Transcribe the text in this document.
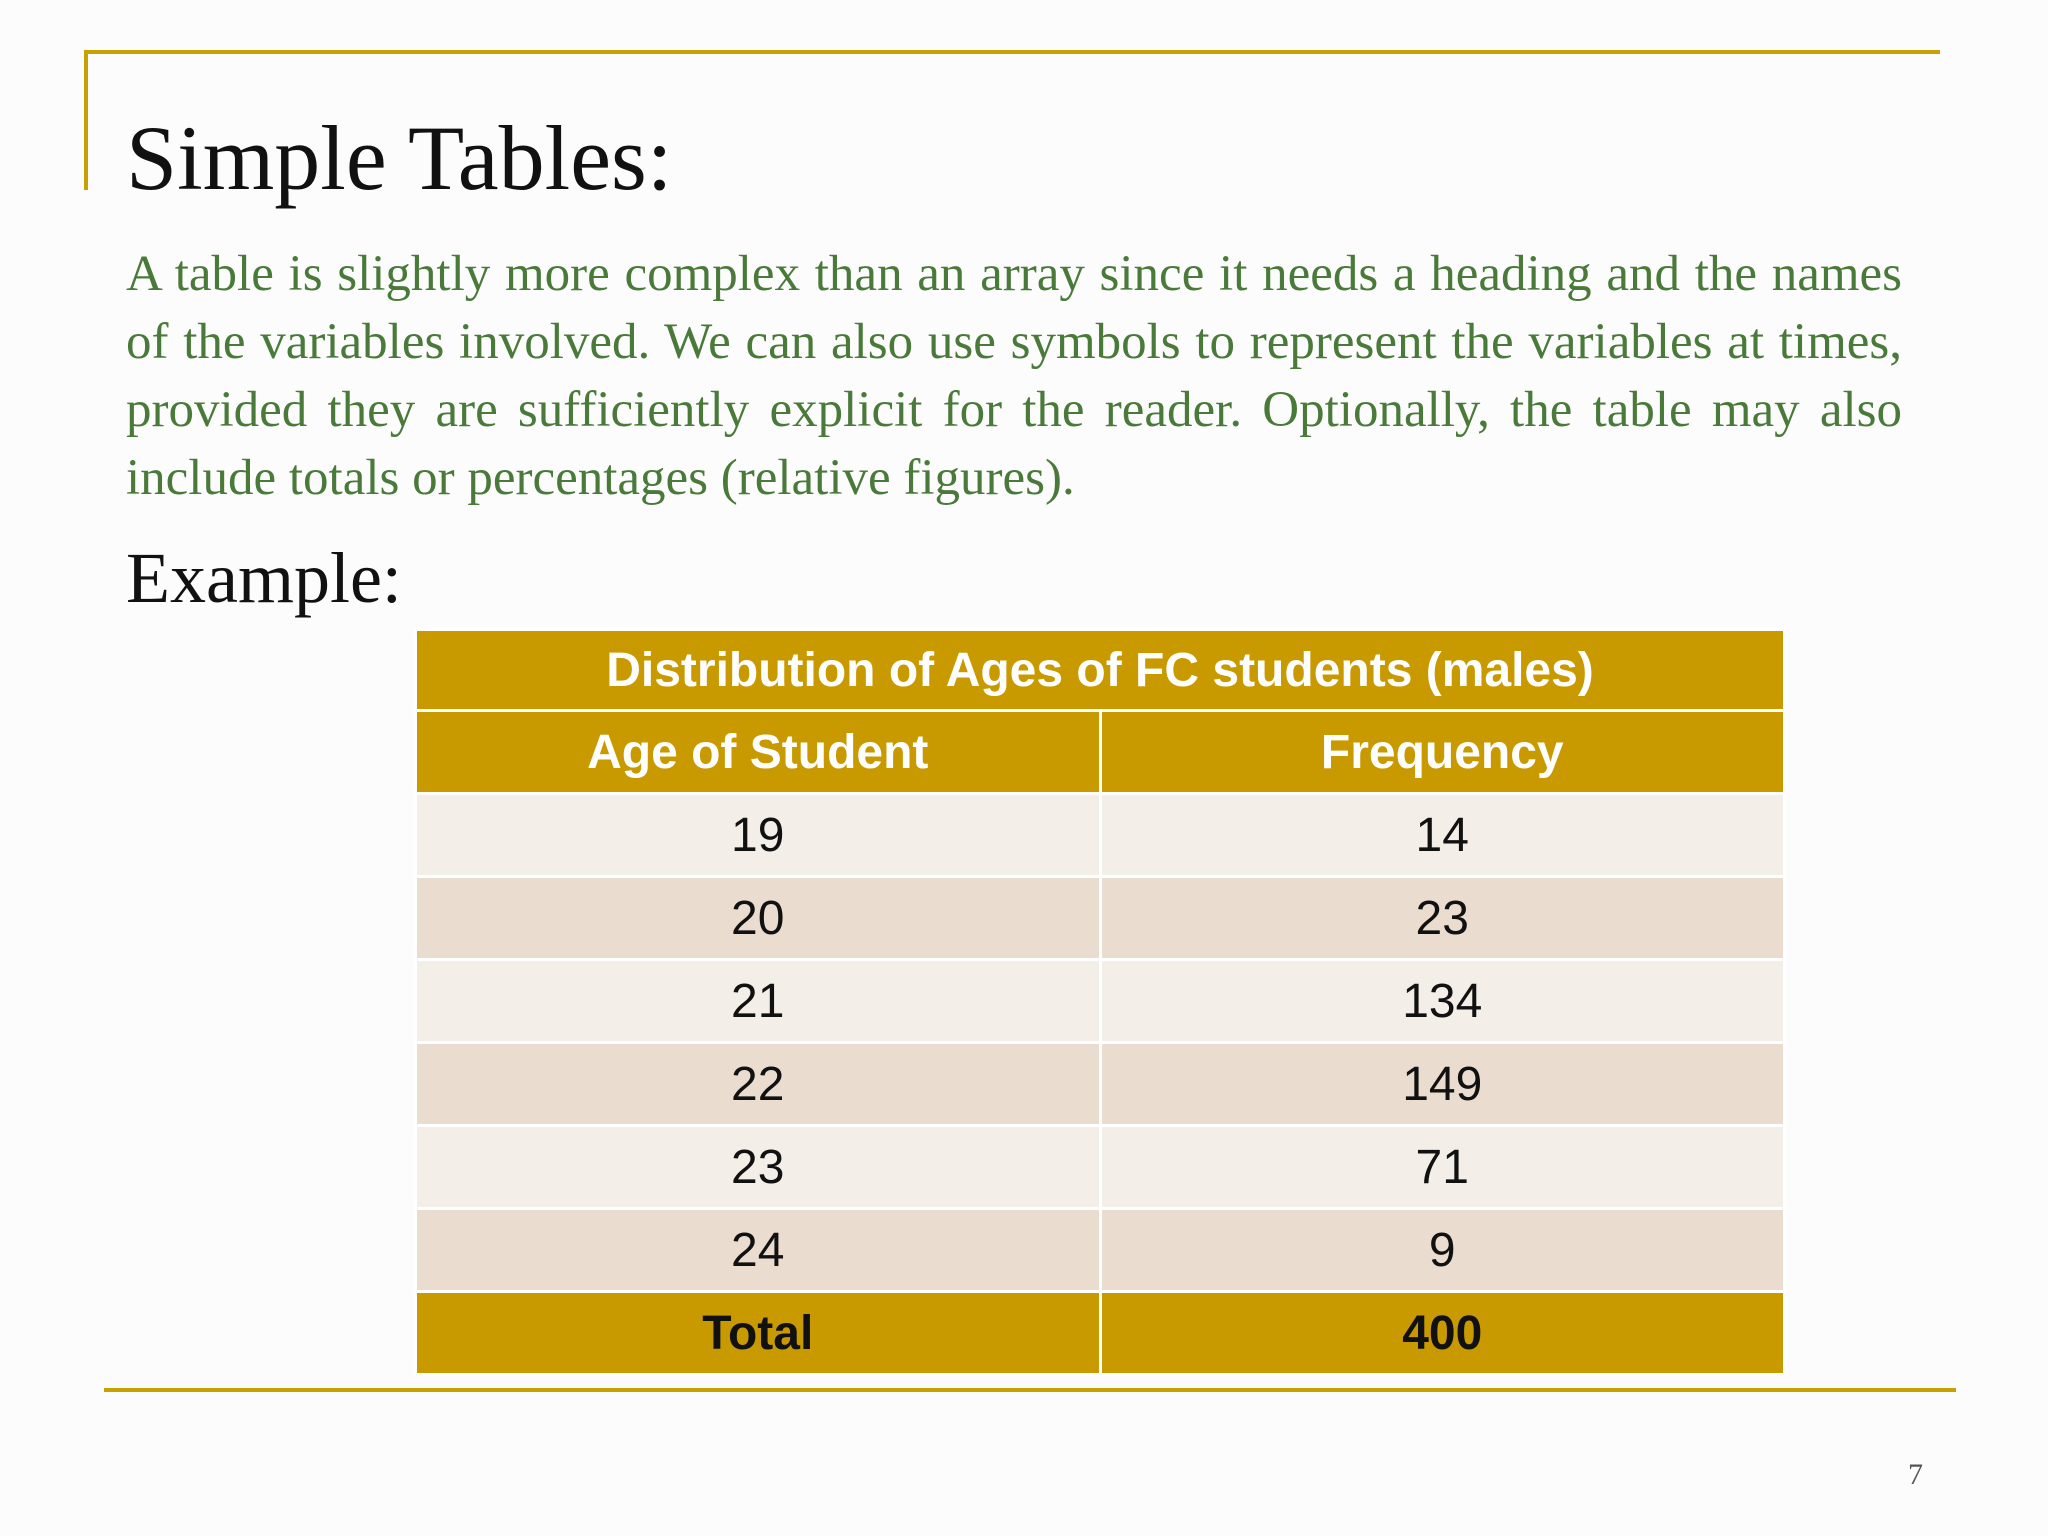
Simple Tables:
A table is slightly more complex than an array since it needs a heading and the names of the variables involved. We can also use symbols to represent the variables at times, provided they are sufficiently explicit for the reader. Optionally, the table may also include totals or percentages (relative figures).
Example:
Distribution of Ages of FC students (males)	
Age of Student	Frequency
19	14
20	23
21	134
22	149
23	71
24	9
Total	400
7
